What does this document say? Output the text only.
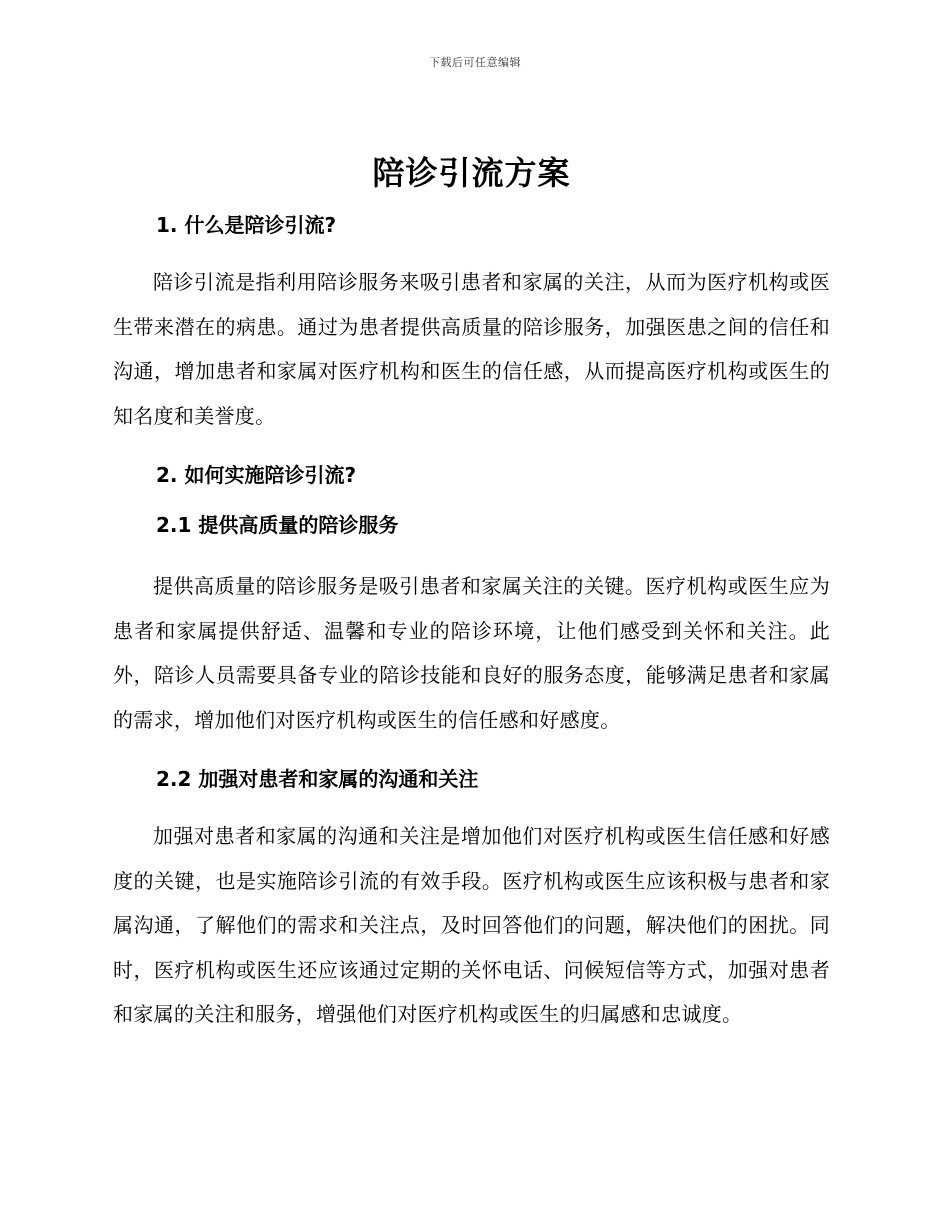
下载后可任意编辑
陪诊引流方案
1. 什么是陪诊引流?

陪诊引流是指利用陪诊服务来吸引患者和家属的关注，从而为医疗机构或医生带来潜在的病患。通过为患者提供高质量的陪诊服务，加强医患之间的信任和沟通，增加患者和家属对医疗机构和医生的信任感，从而提高医疗机构或医生的知名度和美誉度。

2. 如何实施陪诊引流?
2.1 提供高质量的陪诊服务

提供高质量的陪诊服务是吸引患者和家属关注的关键。医疗机构或医生应为患者和家属提供舒适、温馨和专业的陪诊环境，让他们感受到关怀和关注。此外，陪诊人员需要具备专业的陪诊技能和良好的服务态度，能够满足患者和家属的需求，增加他们对医疗机构或医生的信任感和好感度。

2.2 加强对患者和家属的沟通和关注

加强对患者和家属的沟通和关注是增加他们对医疗机构或医生信任感和好感度的关键，也是实施陪诊引流的有效手段。医疗机构或医生应该积极与患者和家属沟通，了解他们的需求和关注点，及时回答他们的问题，解决他们的困扰。同时，医疗机构或医生还应该通过定期的关怀电话、问候短信等方式，加强对患者和家属的关注和服务，增强他们对医疗机构或医生的归属感和忠诚度。
